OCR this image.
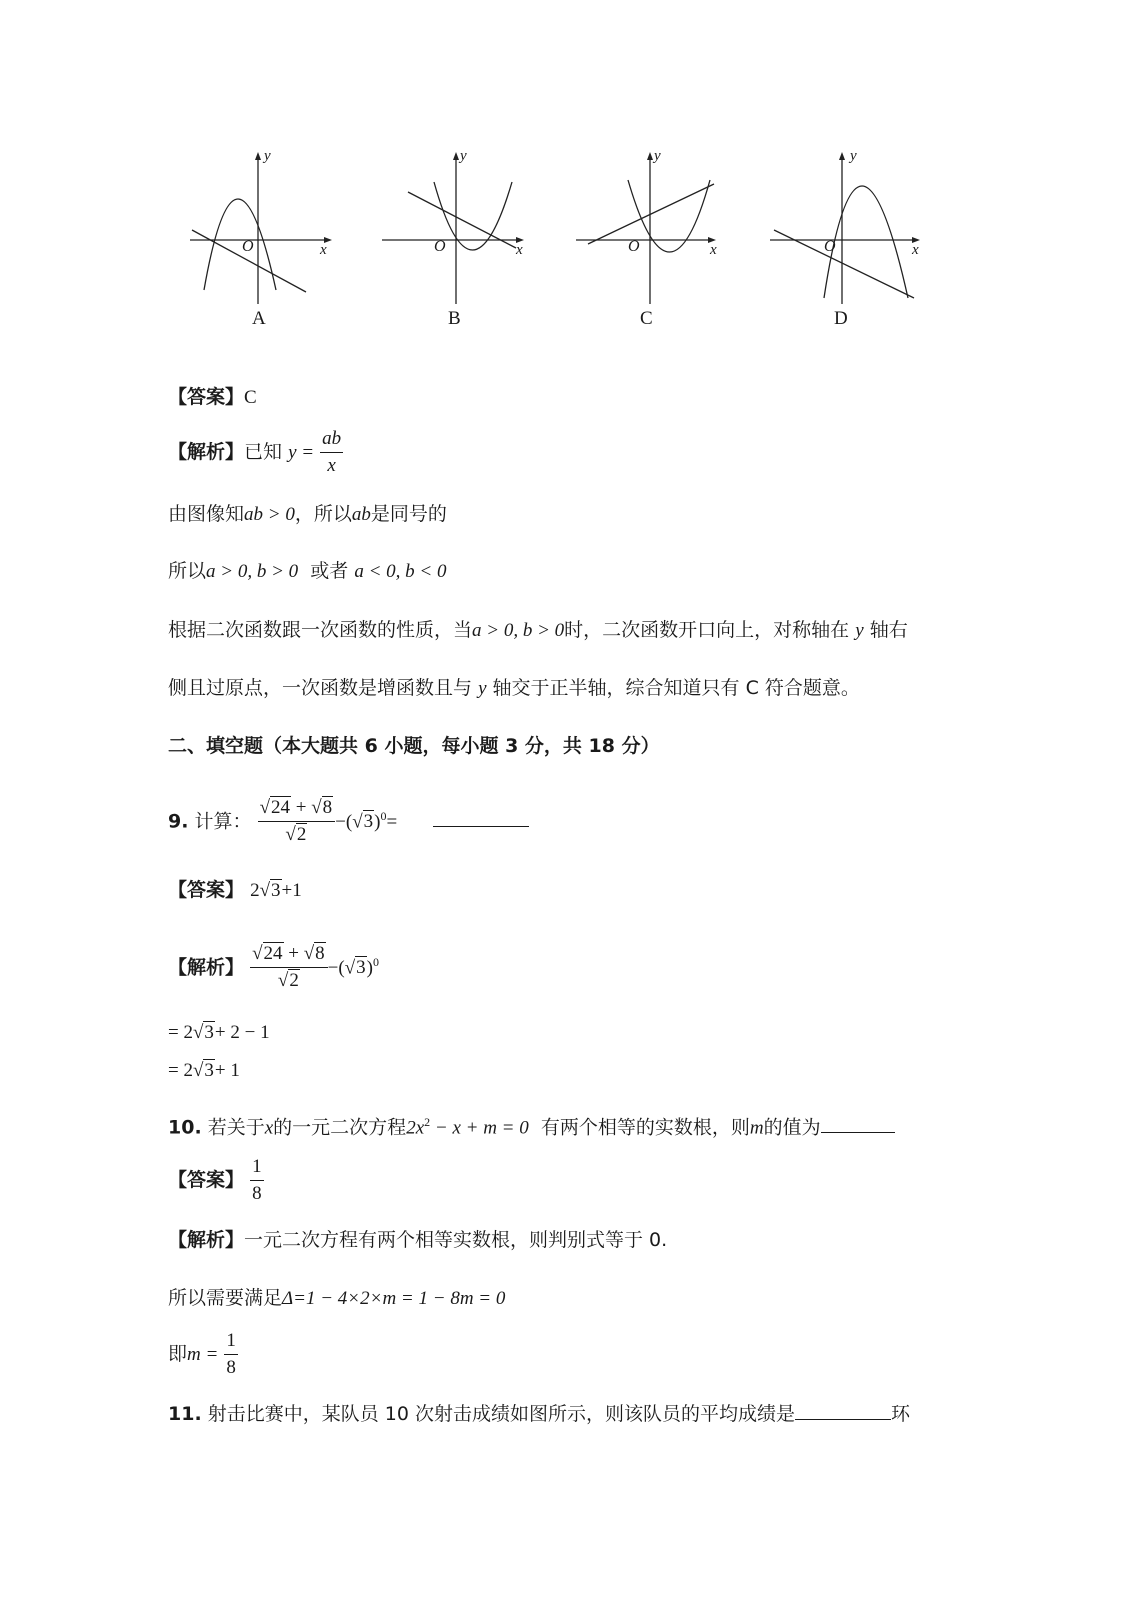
O	x
y
A
O	x
y
B
O	x
y
C
O	x
y
D
【答案】C
【解析】已知 $y = \frac{ab}{x}$
由图像知ab > 0，所以ab是同号的
所以a > 0, b > 0 或者 a < 0, b < 0
根据二次函数跟一次函数的性质，当a > 0, b > 0时，二次函数开口向上，对称轴在 y 轴右
侧且过原点，一次函数是增函数且与 y 轴交于正半轴，综合知道只有 C 符合题意。
二、填空题（本大题共 6 小题，每小题 3 分，共 18 分）
9. 计算： $\frac{√24 + √8}{√2} -(√3)^0=$
【答案】 2√3+1
【解析】 $\frac{√24 + √8}{√2} -(√3)^0$
= 2√3+ 2 − 1
= 2√3+ 1
10. 若关于x的一元二次方程$2x^2 - x + m = 0$ 有两个相等的实数根，则m的值为
【答案】 $\frac{1}{8}$
【解析】一元二次方程有两个相等实数根，则判别式等于 0.
所以需要满足Δ=1 − 4×2×m = 1 − 8m = 0
即$m = \frac{1}{8}$
11. 射击比赛中，某队员 10 次射击成绩如图所示，则该队员的平均成绩是	环
